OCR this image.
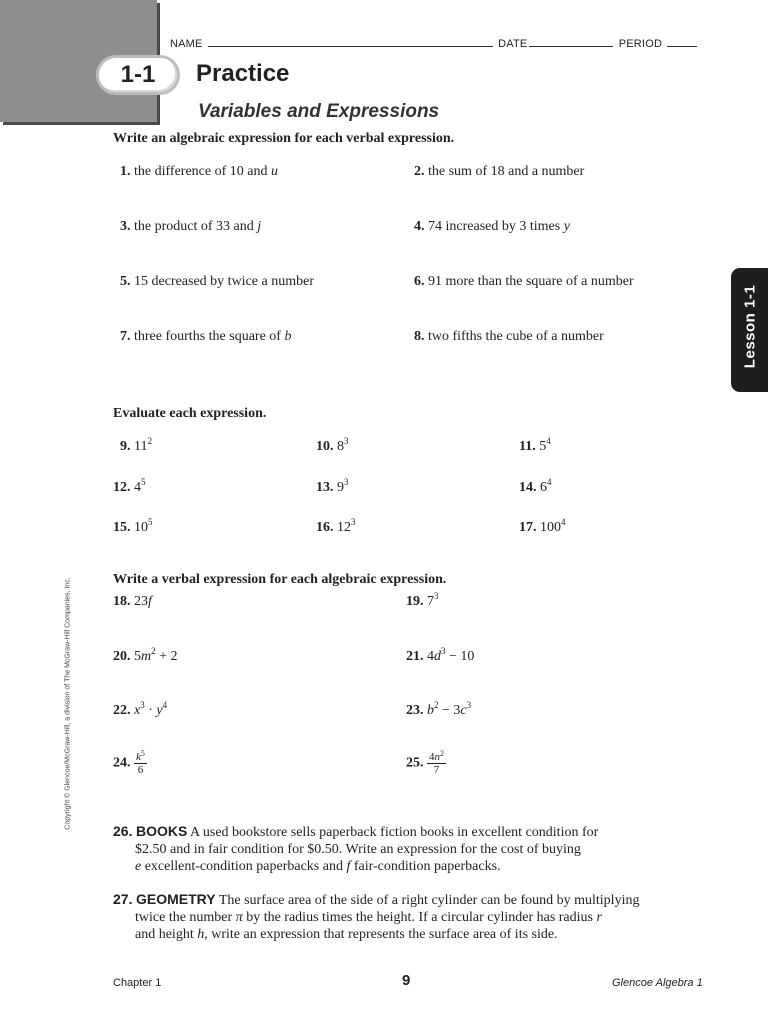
NAME	DATE	PERIOD
1-1	Practice
Variables and Expressions
Lesson 1-1
Copyright © Glencoe/McGraw-Hill, a division of The McGraw-Hill Companies, Inc.
Write an algebraic expression for each verbal expression.
1. the difference of 10 and u	2. the sum of 18 and a number
3. the product of 33 and j	4. 74 increased by 3 times y
5. 15 decreased by twice a number	6. 91 more than the square of a number
7. three fourths the square of b	8. two fifths the cube of a number
Evaluate each expression.
9. $11^2$	10. $8^3$	11. $5^4$
12. $4^5$	13. $9^3$	14. $6^4$
15. $10^5$	16. $12^3$	17. $100^4$
Write a verbal expression for each algebraic expression.
18. 23f	19. $7^3$
20. $5m^2 + 2$	21. $4d^3 - 10$
22. $x^3 \cdot y^4$	23. $b^2 - 3c^3$
24. $\frac{k^5}{6}$	25. $\frac{4n^2}{7}$
26. BOOKS A used bookstore sells paperback fiction books in excellent condition for
$2.50 and in fair condition for $0.50. Write an expression for the cost of buying
e excellent-condition paperbacks and f fair-condition paperbacks.
27. GEOMETRY The surface area of the side of a right cylinder can be found by multiplying
twice the number π by the radius times the height. If a circular cylinder has radius r
and height h, write an expression that represents the surface area of its side.
Chapter 1	9	Glencoe Algebra 1
